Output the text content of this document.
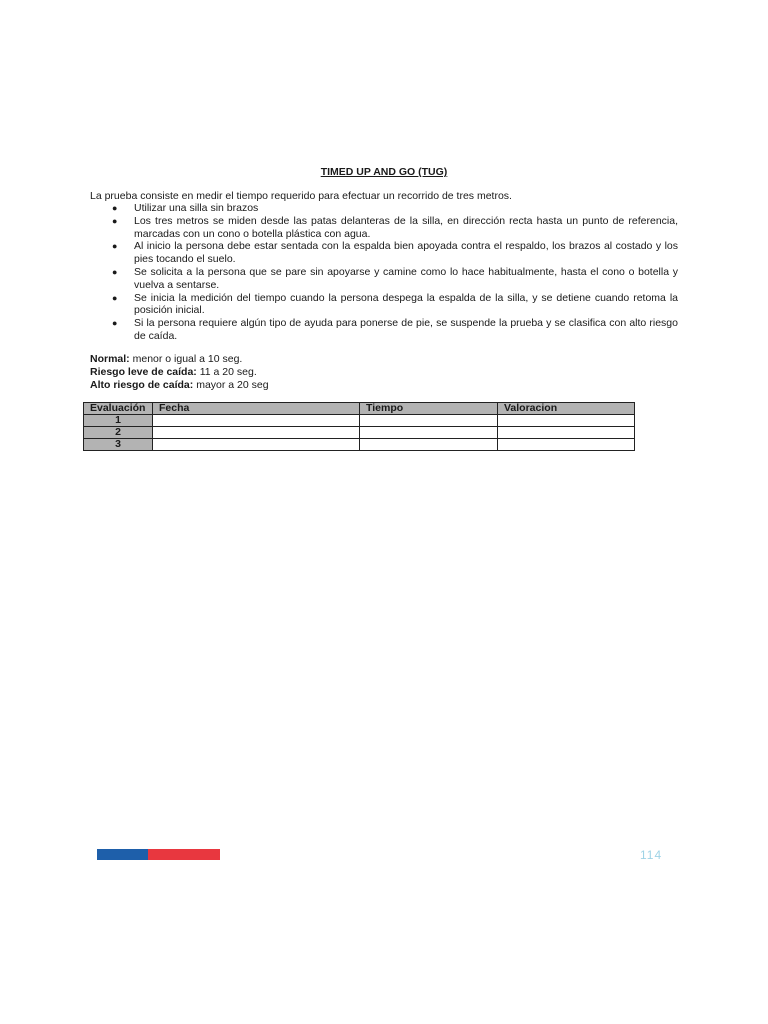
TIMED UP AND GO (TUG)
La prueba consiste en medir el tiempo requerido para efectuar un recorrido de tres metros.
● Utilizar una silla sin brazos
● Los tres metros se miden desde las patas delanteras de la silla, en dirección recta hasta un punto de referencia, marcadas con un cono o botella plástica con agua.
● Al inicio la persona debe estar sentada con la espalda bien apoyada contra el respaldo, los brazos al costado y los pies tocando el suelo.
● Se solicita a la persona que se pare sin apoyarse y camine como lo hace habitualmente, hasta el cono o botella y vuelva a sentarse.
● Se inicia la medición del tiempo cuando la persona despega la espalda de la silla, y se detiene cuando retoma la posición inicial.
● Si la persona requiere algún tipo de ayuda para ponerse de pie, se suspende la prueba y se clasifica con alto riesgo de caída.
Normal: menor o igual a 10 seg.
Riesgo leve de caída: 11 a 20 seg.
Alto riesgo de caída: mayor a 20 seg
Evaluación	Fecha	Tiempo	Valoracion
1			
2			
3			
114
